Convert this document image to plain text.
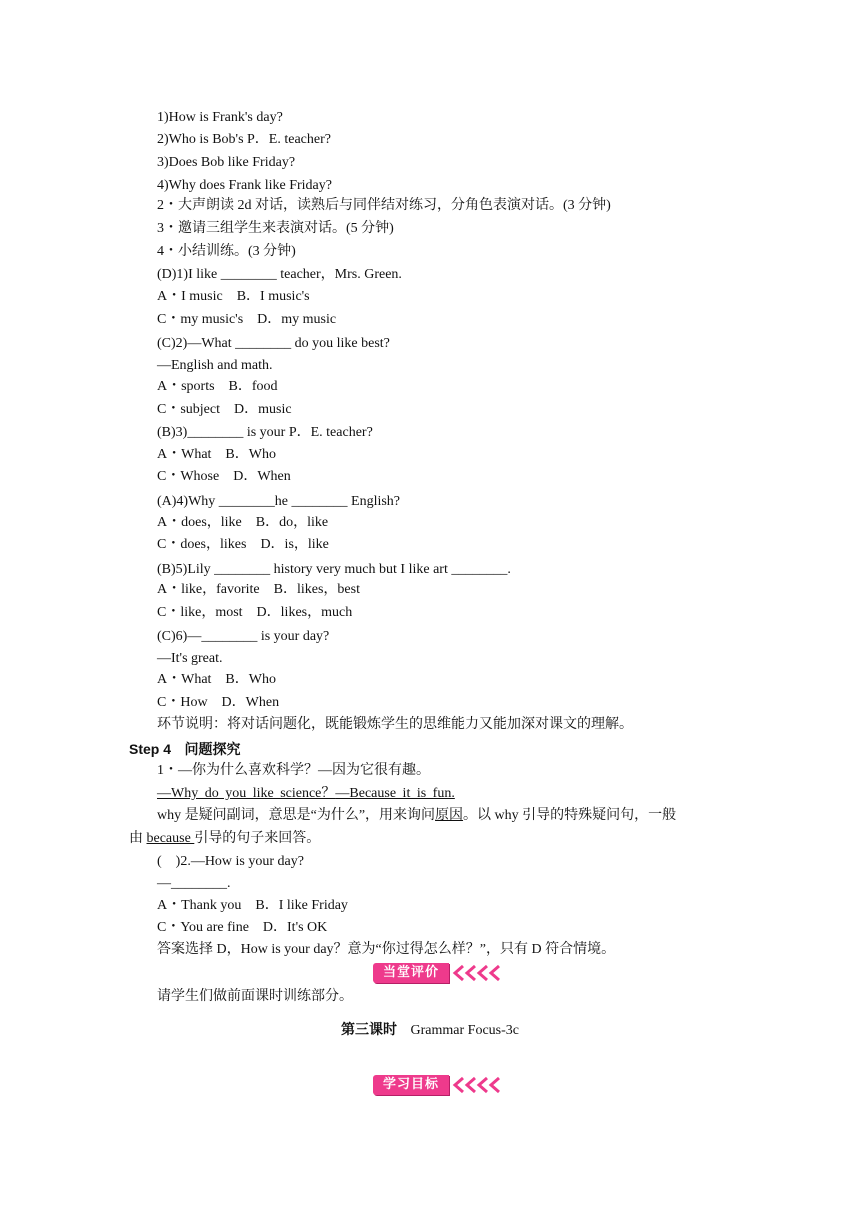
1)How is Frank's day?
2)Who is Bob's P．E. teacher?
3)Does Bob like Friday?
4)Why does Frank like Friday?
2・大声朗读 2d 对话，读熟后与同伴结对练习，分角色表演对话。(3 分钟)
3・邀请三组学生来表演对话。(5 分钟)
4・小结训练。(3 分钟)
(D)1)I like ________ teacher，Mrs. Green.
A・I music　B．I music's
C・my music's　D．my music
(C)2)—What ________ do you like best?
—English and math.
A・sports　B．food
C・subject　D．music
(B)3)________ is your P．E. teacher?
A・What　B．Who
C・Whose　D．When
(A)4)Why ________he ________ English?
A・does，like　B．do，like
C・does，likes　D．is，like
(B)5)Lily ________ history very much but I like art ________.
A・like，favorite　B．likes，best
C・like，most　D．likes，much
(C)6)—________ is your day?
—It's great.
A・What　B．Who
C・How　D．When
环节说明：将对话问题化，既能锻炼学生的思维能力又能加深对课文的理解。
Step 4 问题探究
1・—你为什么喜欢科学？—因为它很有趣。
—Why do you like science？—Because it is fun.
why 是疑问副词，意思是“为什么”，用来询问原因。以 why 引导的特殊疑问句，一般
由 because 引导的句子来回答。
(　)2.—How is your day?
—________.
A・Thank you　B．I like Friday
C・You are fine　D．It's OK
答案选择 D，How is your day？意为“你过得怎么样？”，只有 D 符合情境。
当堂评价
请学生们做前面课时训练部分。
第三课时 Grammar Focus-3c
学习目标
